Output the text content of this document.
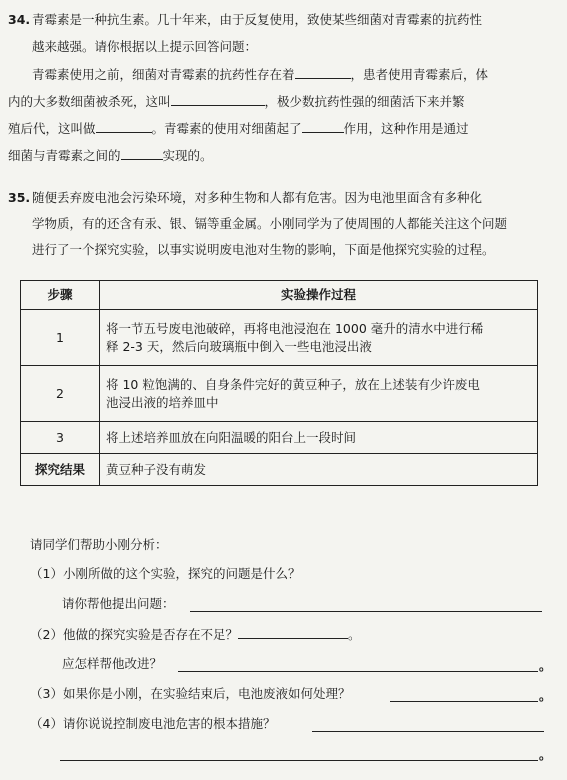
34. 青霉素是一种抗生素。几十年来，由于反复使用，致使某些细菌对青霉素的抗药性
越来越强。请你根据以上提示回答问题：
青霉素使用之前，细菌对青霉素的抗药性存在着	，患者使用青霉素后，体
内的大多数细菌被杀死，这叫	，极少数抗药性强的细菌活下来并繁
殖后代，这叫做	。青霉素的使用对细菌起了	作用，这种作用是通过
细菌与青霉素之间的	实现的。
35. 随便丢弃废电池会污染环境，对多种生物和人都有危害。因为电池里面含有多种化
学物质，有的还含有汞、银、镉等重金属。小刚同学为了使周围的人都能关注这个问题
进行了一个探究实验，以事实说明废电池对生物的影响，下面是他探究实验的过程。
步骤	实验操作过程
1	将一节五号废电池破碎，再将电池浸泡在 1000 毫升的清水中进行稀
释 2-3 天，然后向玻璃瓶中倒入一些电池浸出液

2	将 10 粒饱满的、自身条件完好的黄豆种子，放在上述装有少许废电
池浸出液的培养皿中

3	将上述培养皿放在向阳温暖的阳台上一段时间
探究结果	黄豆种子没有萌发
请同学们帮助小刚分析：
（1）小刚所做的这个实验，探究的问题是什么？
请你帮他提出问题：
（2）他做的探究实验是否存在不足？	。
应怎样帮他改进？	。
（3）如果你是小刚，在实验结束后，电池废液如何处理？	。
（4）请你说说控制废电池危害的根本措施？
。
